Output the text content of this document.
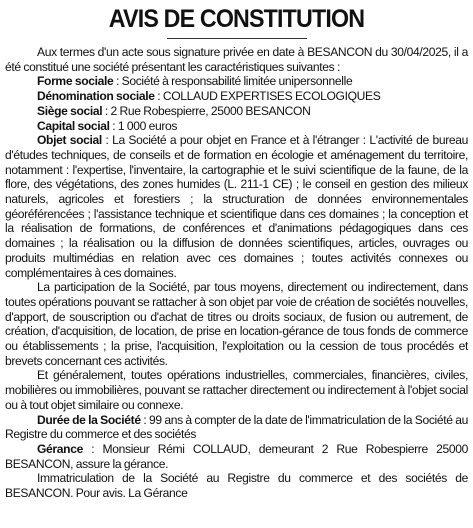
AVIS DE CONSTITUTION

Aux termes d'un acte sous signature privée en date à BESANCON du 30/04/2025, il a été constitué une société présentant les caractéristiques suivantes :

Forme sociale : Société à responsabilité limitée unipersonnelle

Dénomination sociale : COLLAUD EXPERTISES ECOLOGIQUES

Siège social : 2 Rue Robespierre, 25000 BESANCON

Capital social : 1 000 euros

Objet social : La Société a pour objet en France et à l'étranger : L'activité de bureau d'études techniques, de conseils et de formation en écologie et aménagement du territoire, notamment : l'expertise, l'inventaire, la cartographie et le suivi scientifique de la faune, de la flore, des végétations, des zones humides (L. 211-1 CE) ; le conseil en gestion des milieux naturels, agricoles et forestiers ; la structuration de données environnementales géoréférencées ; l'assistance technique et scientifique dans ces domaines ; la conception et la réalisation de formations, de conférences et d'animations pédagogiques dans ces domaines ; la réalisation ou la diffusion de données scientifiques, articles, ouvrages ou produits multimédias en relation avec ces domaines ; toutes activités connexes ou complémentaires à ces domaines.

La participation de la Société, par tous moyens, directement ou indirectement, dans toutes opérations pouvant se rattacher à son objet par voie de création de sociétés nouvelles, d'apport, de souscription ou d'achat de titres ou droits sociaux, de fusion ou autrement, de création, d'acquisition, de location, de prise en location-gérance de tous fonds de commerce ou établissements ; la prise, l'acquisition, l'exploitation ou la cession de tous procédés et brevets concernant ces activités.

Et généralement, toutes opérations industrielles, commerciales, financières, civiles, mobilières ou immobilières, pouvant se rattacher directement ou indirectement à l'objet social ou à tout objet similaire ou connexe.

Durée de la Société : 99 ans à compter de la date de l'immatriculation de la Société au Registre du commerce et des sociétés

Gérance : Monsieur Rémi COLLAUD, demeurant 2 Rue Robespierre 25000 BESANCON, assure la gérance.

Immatriculation de la Société au Registre du commerce et des sociétés de BESANCON. Pour avis. La Gérance
